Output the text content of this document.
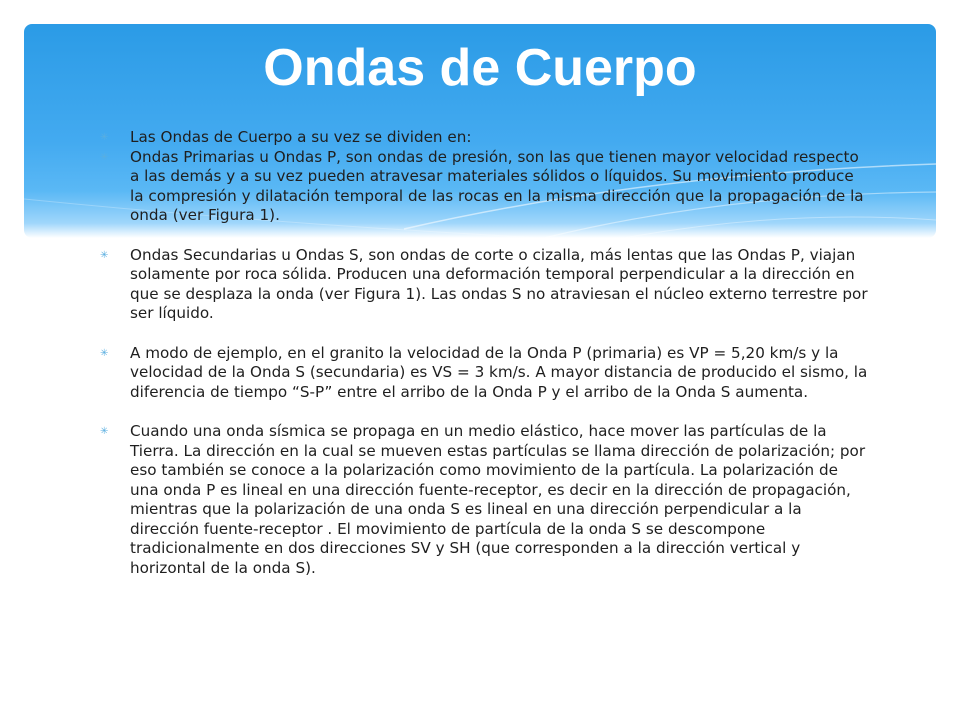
Ondas de Cuerpo

✳	Las Ondas de Cuerpo a su vez se dividen en:

✳	Ondas Primarias u Ondas P, son ondas de presión, son las que tienen mayor velocidad respecto a las demás y a su vez pueden atravesar materiales sólidos o líquidos. Su movimiento produce la compresión y dilatación temporal de las rocas en la misma dirección que la propagación de la onda (ver Figura 1).

✳	Ondas Secundarias u Ondas S, son ondas de corte o cizalla, más lentas que las Ondas P, viajan solamente por roca sólida. Producen una deformación temporal perpendicular a la dirección en que se desplaza la onda (ver Figura 1). Las ondas S no atraviesan el núcleo externo terrestre por ser líquido.

✳	A modo de ejemplo, en el granito la velocidad de la Onda P (primaria) es VP = 5,20 km/s y la velocidad de la Onda S (secundaria) es VS = 3 km/s. A mayor distancia de producido el sismo, la diferencia de tiempo “S-P” entre el arribo de la Onda P y el arribo de la Onda S aumenta.

✳	Cuando una onda sísmica se propaga en un medio elástico, hace mover las partículas de la Tierra. La dirección en la cual se mueven estas partículas se llama dirección de polarización; por eso también se conoce a la polarización como movimiento de la partícula. La polarización de una onda P es lineal en una dirección fuente-receptor, es decir en la dirección de propagación, mientras que la polarización de una onda S es lineal en una dirección perpendicular a la dirección fuente-receptor . El movimiento de partícula de la onda S se descompone tradicionalmente en dos direcciones SV y SH (que corresponden a la dirección vertical y horizontal de la onda S).
